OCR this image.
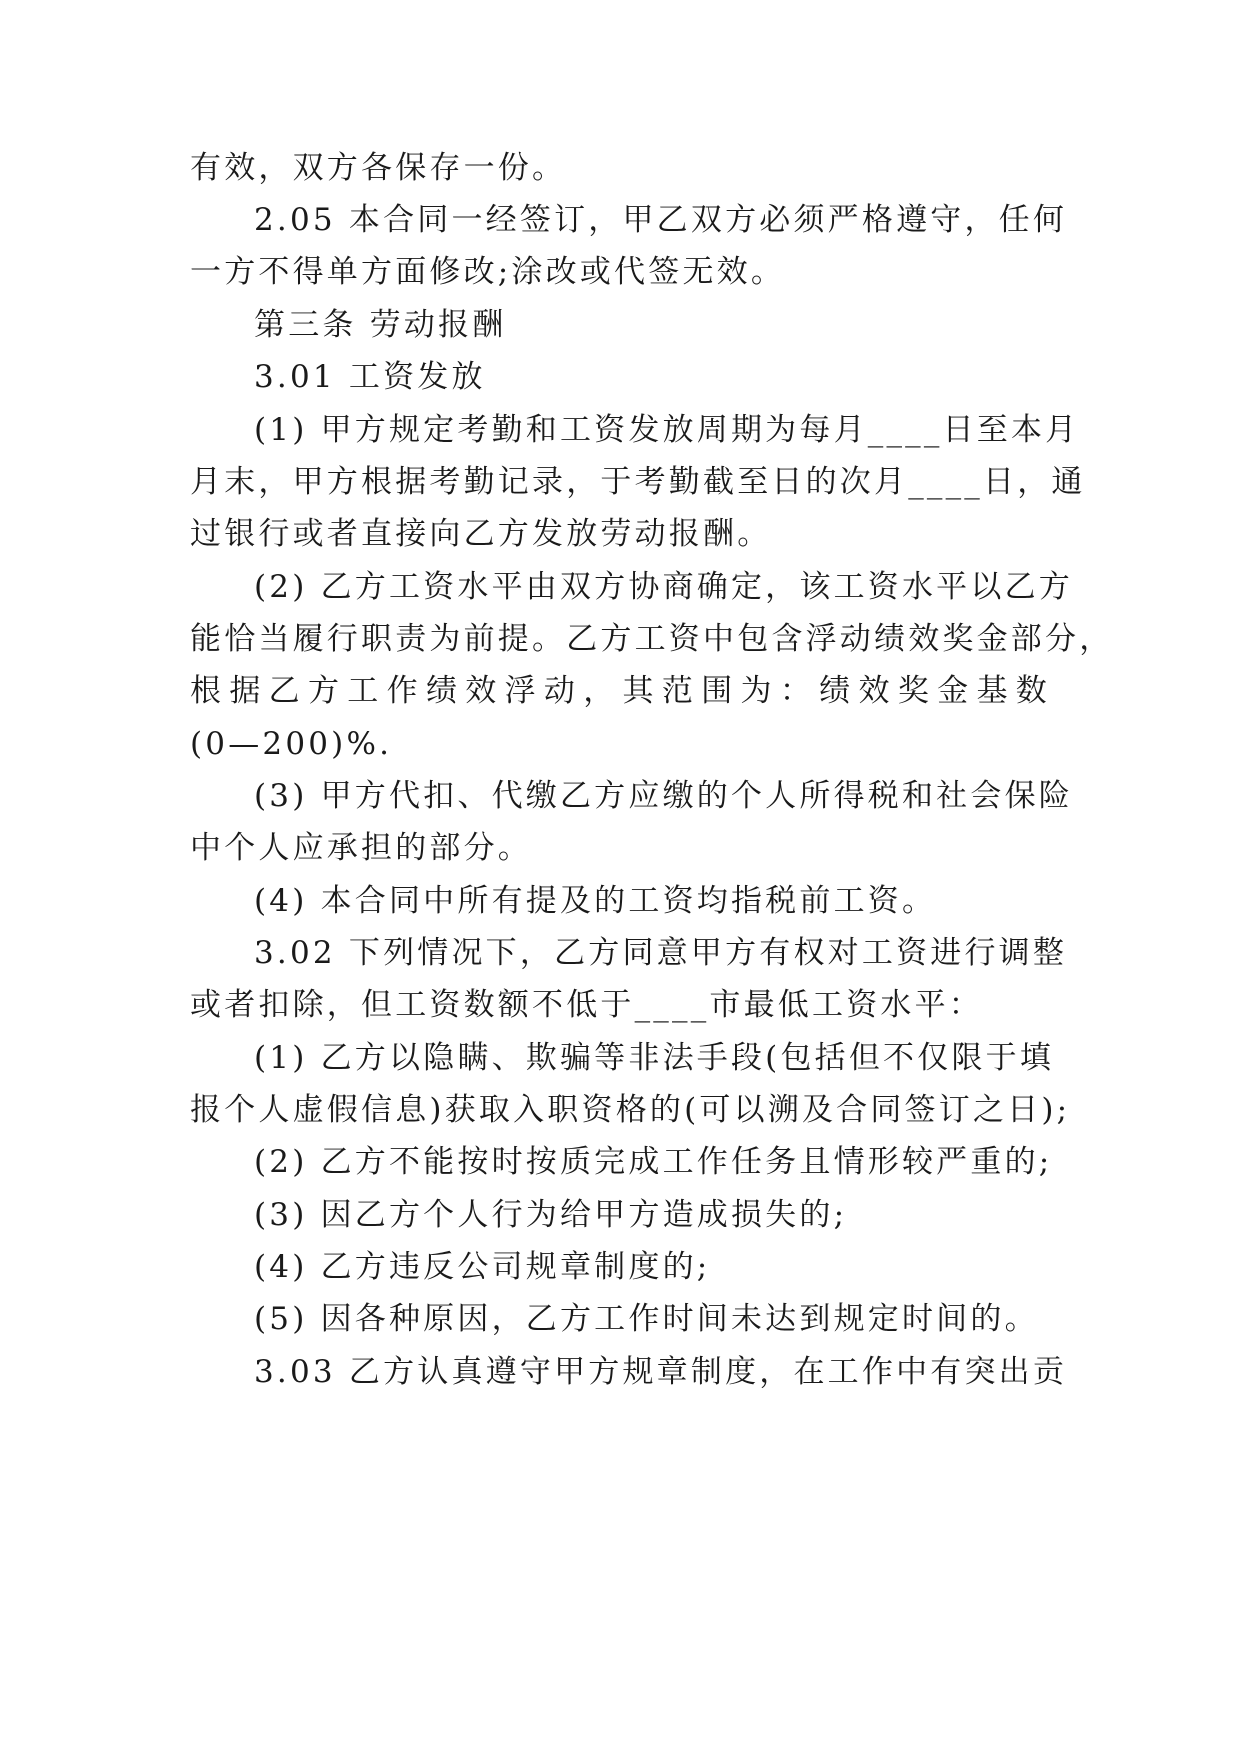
有效，双方各保存一份。

2.05 本合同一经签订，甲乙双方必须严格遵守，任何

一方不得单方面修改;涂改或代签无效。

第三条 劳动报酬

3.01 工资发放

(1) 甲方规定考勤和工资发放周期为每月____日至本月

月末，甲方根据考勤记录，于考勤截至日的次月____日，通

过银行或者直接向乙方发放劳动报酬。

(2) 乙方工资水平由双方协商确定，该工资水平以乙方

能恰当履行职责为前提。乙方工资中包含浮动绩效奖金部分，

根据乙方工作绩效浮动，其范围为：绩效奖金基数

(0—200)%.

(3) 甲方代扣、代缴乙方应缴的个人所得税和社会保险

中个人应承担的部分。

(4) 本合同中所有提及的工资均指税前工资。

3.02 下列情况下，乙方同意甲方有权对工资进行调整

或者扣除，但工资数额不低于____市最低工资水平：

(1) 乙方以隐瞒、欺骗等非法手段(包括但不仅限于填

报个人虚假信息)获取入职资格的(可以溯及合同签订之日);

(2) 乙方不能按时按质完成工作任务且情形较严重的;

(3) 因乙方个人行为给甲方造成损失的;

(4) 乙方违反公司规章制度的;

(5) 因各种原因，乙方工作时间未达到规定时间的。

3.03 乙方认真遵守甲方规章制度，在工作中有突出贡
